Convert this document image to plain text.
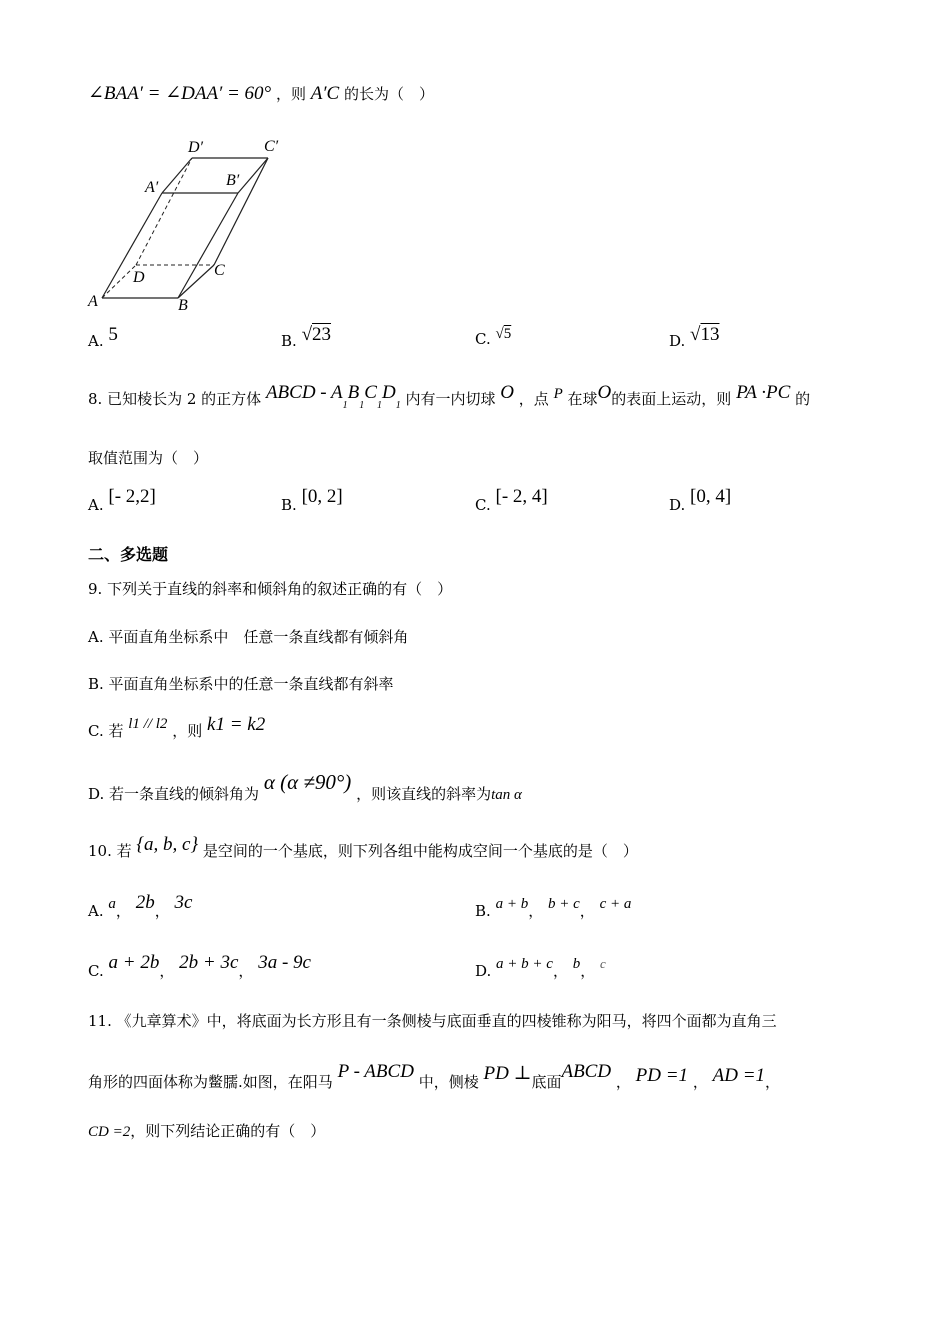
∠BAA′ = ∠DAA′ = 60° ，则 A′C 的长为（　）
D′	C′
A′	B′
D	C
A	B
A. 5	B. √23	C. √5	D. √13
8. 已知棱长为 2 的正方体 ABCD - $A_1B_1C_1D_1$ 内有一内切球 O ，点 P 在球O的表面上运动，则 PA ·PC 的
取值范围为（　）
A. [- 2,2]	B. [0, 2]	C. [- 2, 4]	D. [0, 4]
二、多选题
9. 下列关于直线的斜率和倾斜角的叙述正确的有（　）
A. 平面直角坐标系中　任意一条直线都有倾斜角
B. 平面直角坐标系中的任意一条直线都有斜率
C. 若 l1 // l2 ，则 k1 = k2
D. 若一条直线的倾斜角为 α (α ≠90°) ，则该直线的斜率为tan α
10. 若 {a, b, c} 是空间的一个基底，则下列各组中能构成空间一个基底的是（　）
A. a， 2b， 3c	B. a + b， b + c， c + a
C. a + 2b， 2b + 3c， 3a - 9c	D. a + b + c， b， c
11. 《九章算术》中，将底面为长方形且有一条侧棱与底面垂直的四棱锥称为阳马，将四个面都为直角三
角形的四面体称为鳖臑.如图，在阳马 P - ABCD 中，侧棱 PD ⊥底面ABCD ， PD =1 ， AD =1，
CD =2，则下列结论正确的有（　）
